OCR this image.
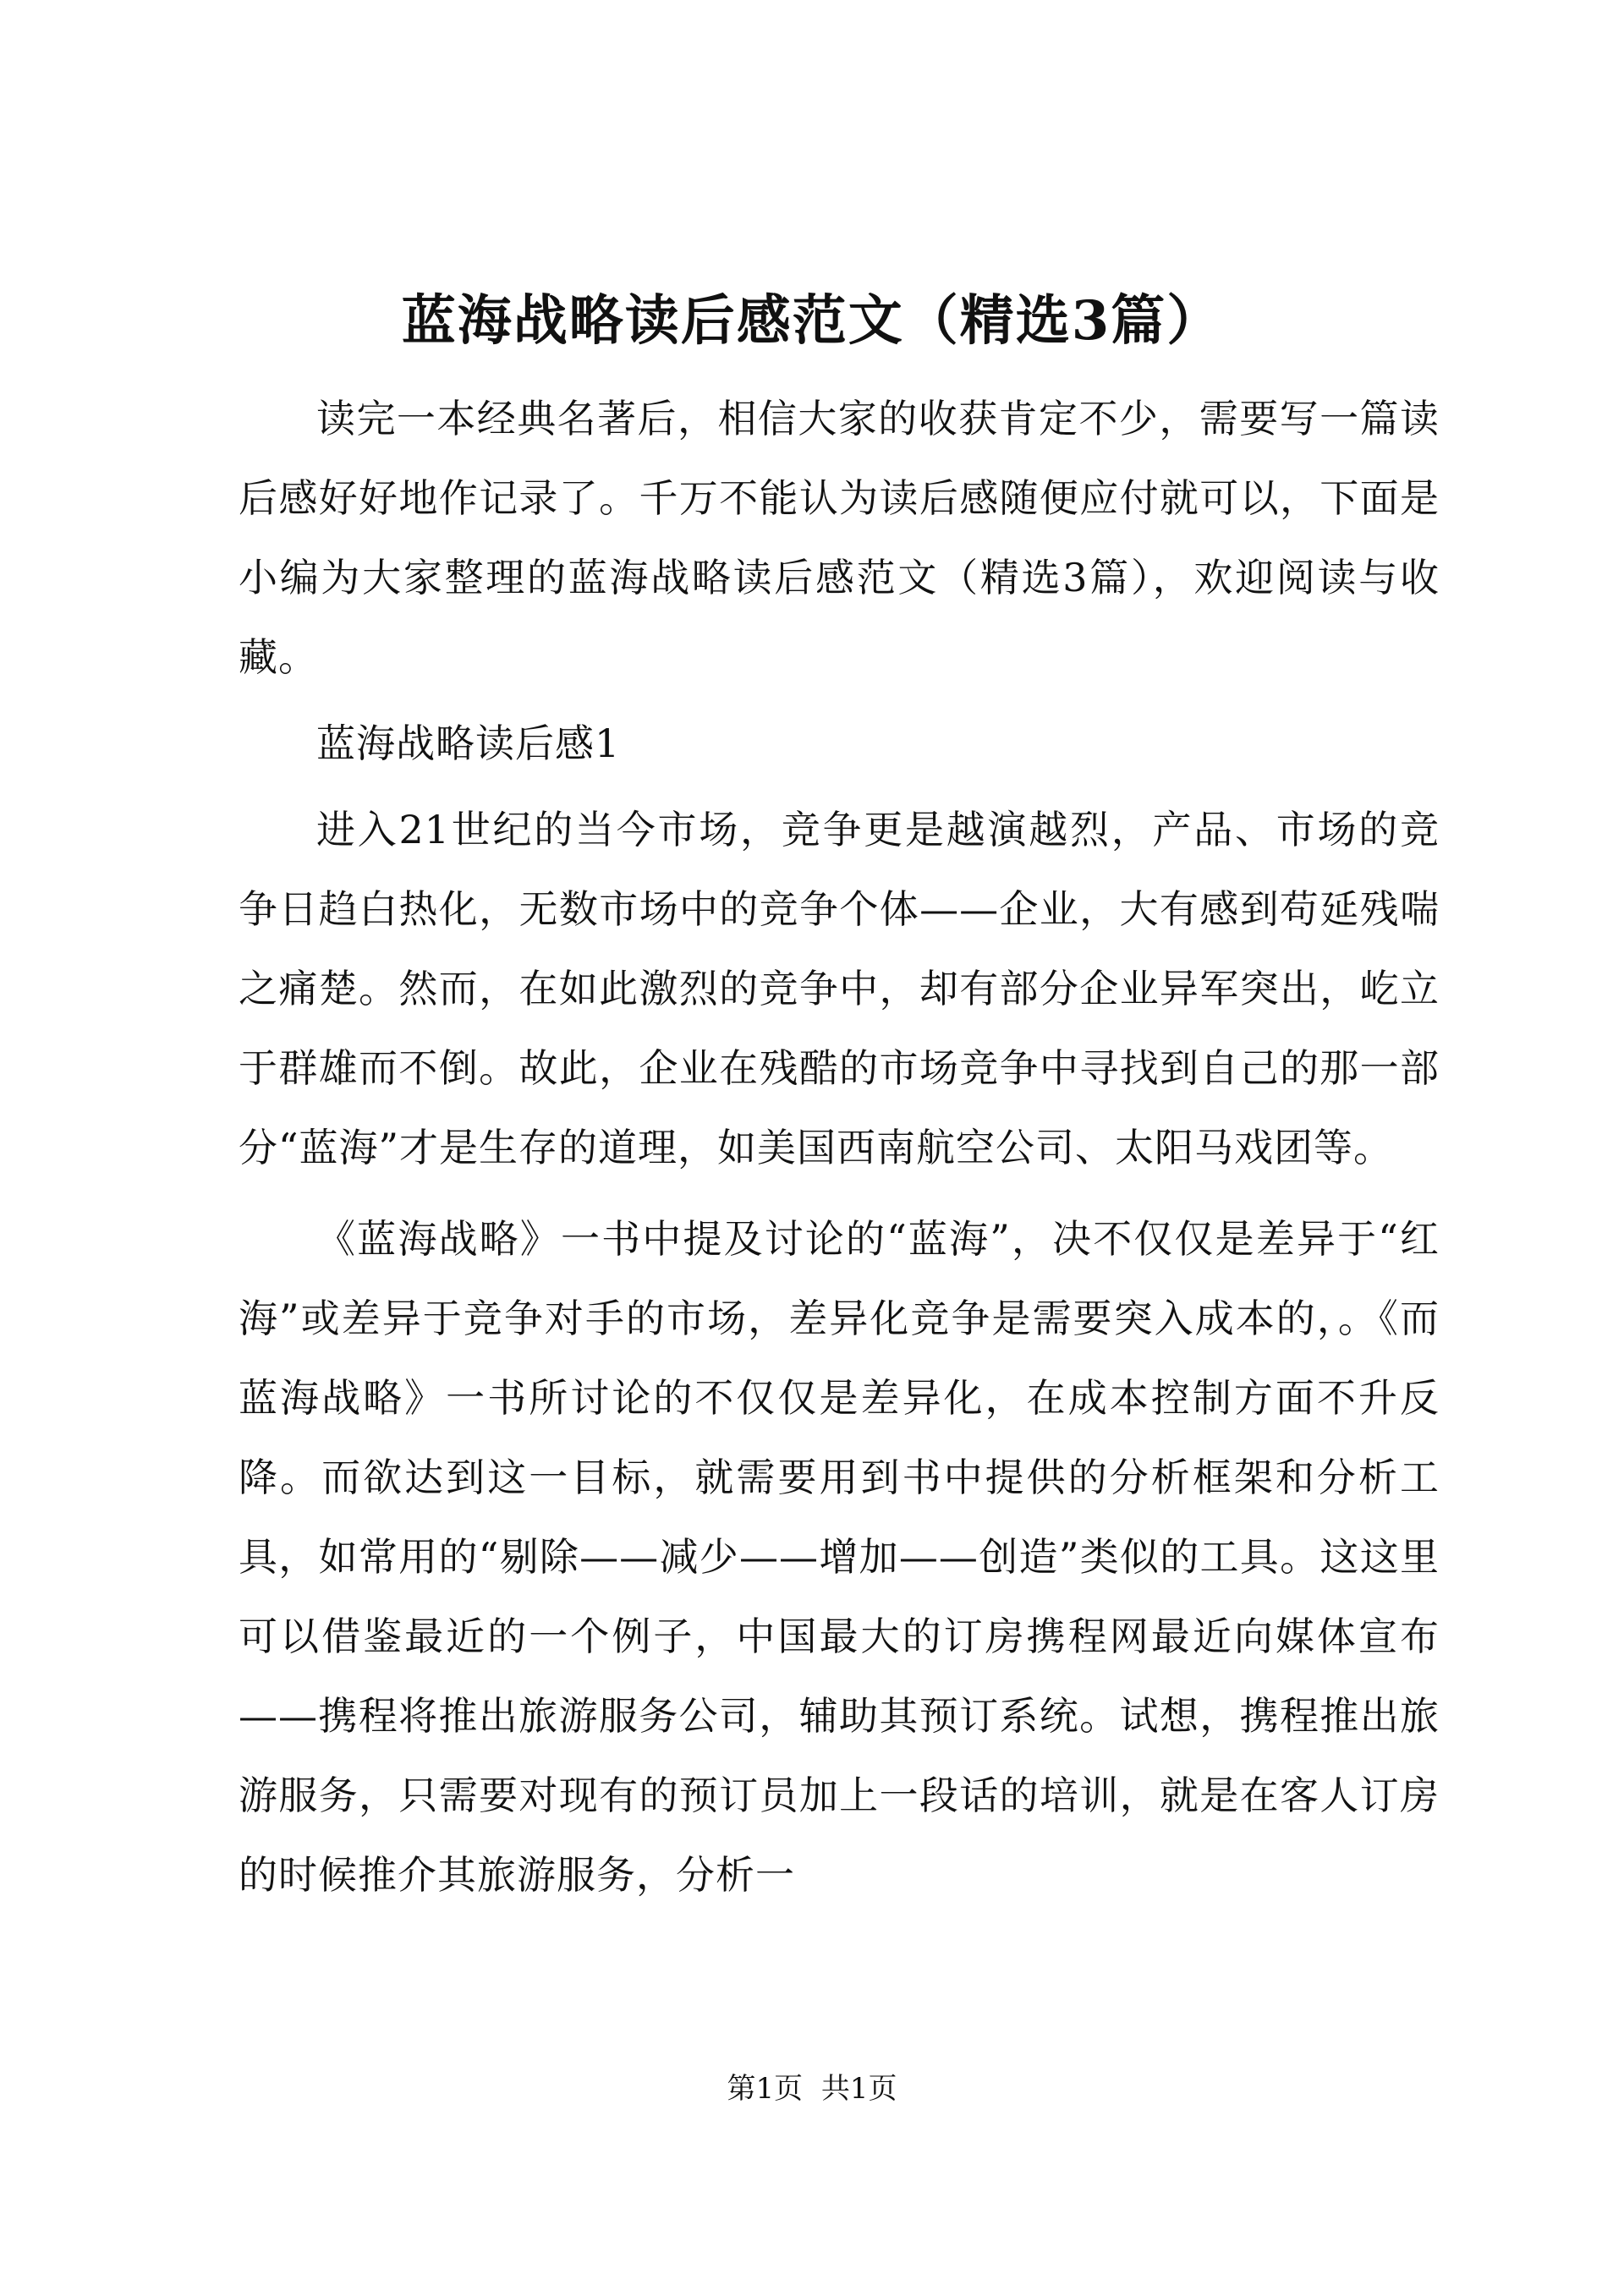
蓝海战略读后感范文（精选3篇）

读完一本经典名著后，相信大家的收获肯定不少，需要写一篇读后感好好地作记录了。千万不能认为读后感随便应付就可以，下面是小编为大家整理的蓝海战略读后感范文（精选3篇），欢迎阅读与收藏。

蓝海战略读后感1

进入21世纪的当今市场，竞争更是越演越烈，产品、市场的竞争日趋白热化，无数市场中的竞争个体——企业，大有感到苟延残喘之痛楚。然而，在如此激烈的竞争中，却有部分企业异军突出，屹立于群雄而不倒。故此，企业在残酷的市场竞争中寻找到自己的那一部分“蓝海”才是生存的道理，如美国西南航空公司、太阳马戏团等。

《蓝海战略》一书中提及讨论的“蓝海”，决不仅仅是差异于“红海”或差异于竞争对手的市场，差异化竞争是需要突入成本的，。《而蓝海战略》一书所讨论的不仅仅是差异化，在成本控制方面不升反降。而欲达到这一目标，就需要用到书中提供的分析框架和分析工具，如常用的“剔除——减少——增加——创造”类似的工具。这这里可以借鉴最近的一个例子，中国最大的订房携程网最近向媒体宣布——携程将推出旅游服务公司，辅助其预订系统。试想，携程推出旅游服务，只需要对现有的预订员加上一段话的培训，就是在客人订房的时候推介其旅游服务，分析一

第1页 共1页
